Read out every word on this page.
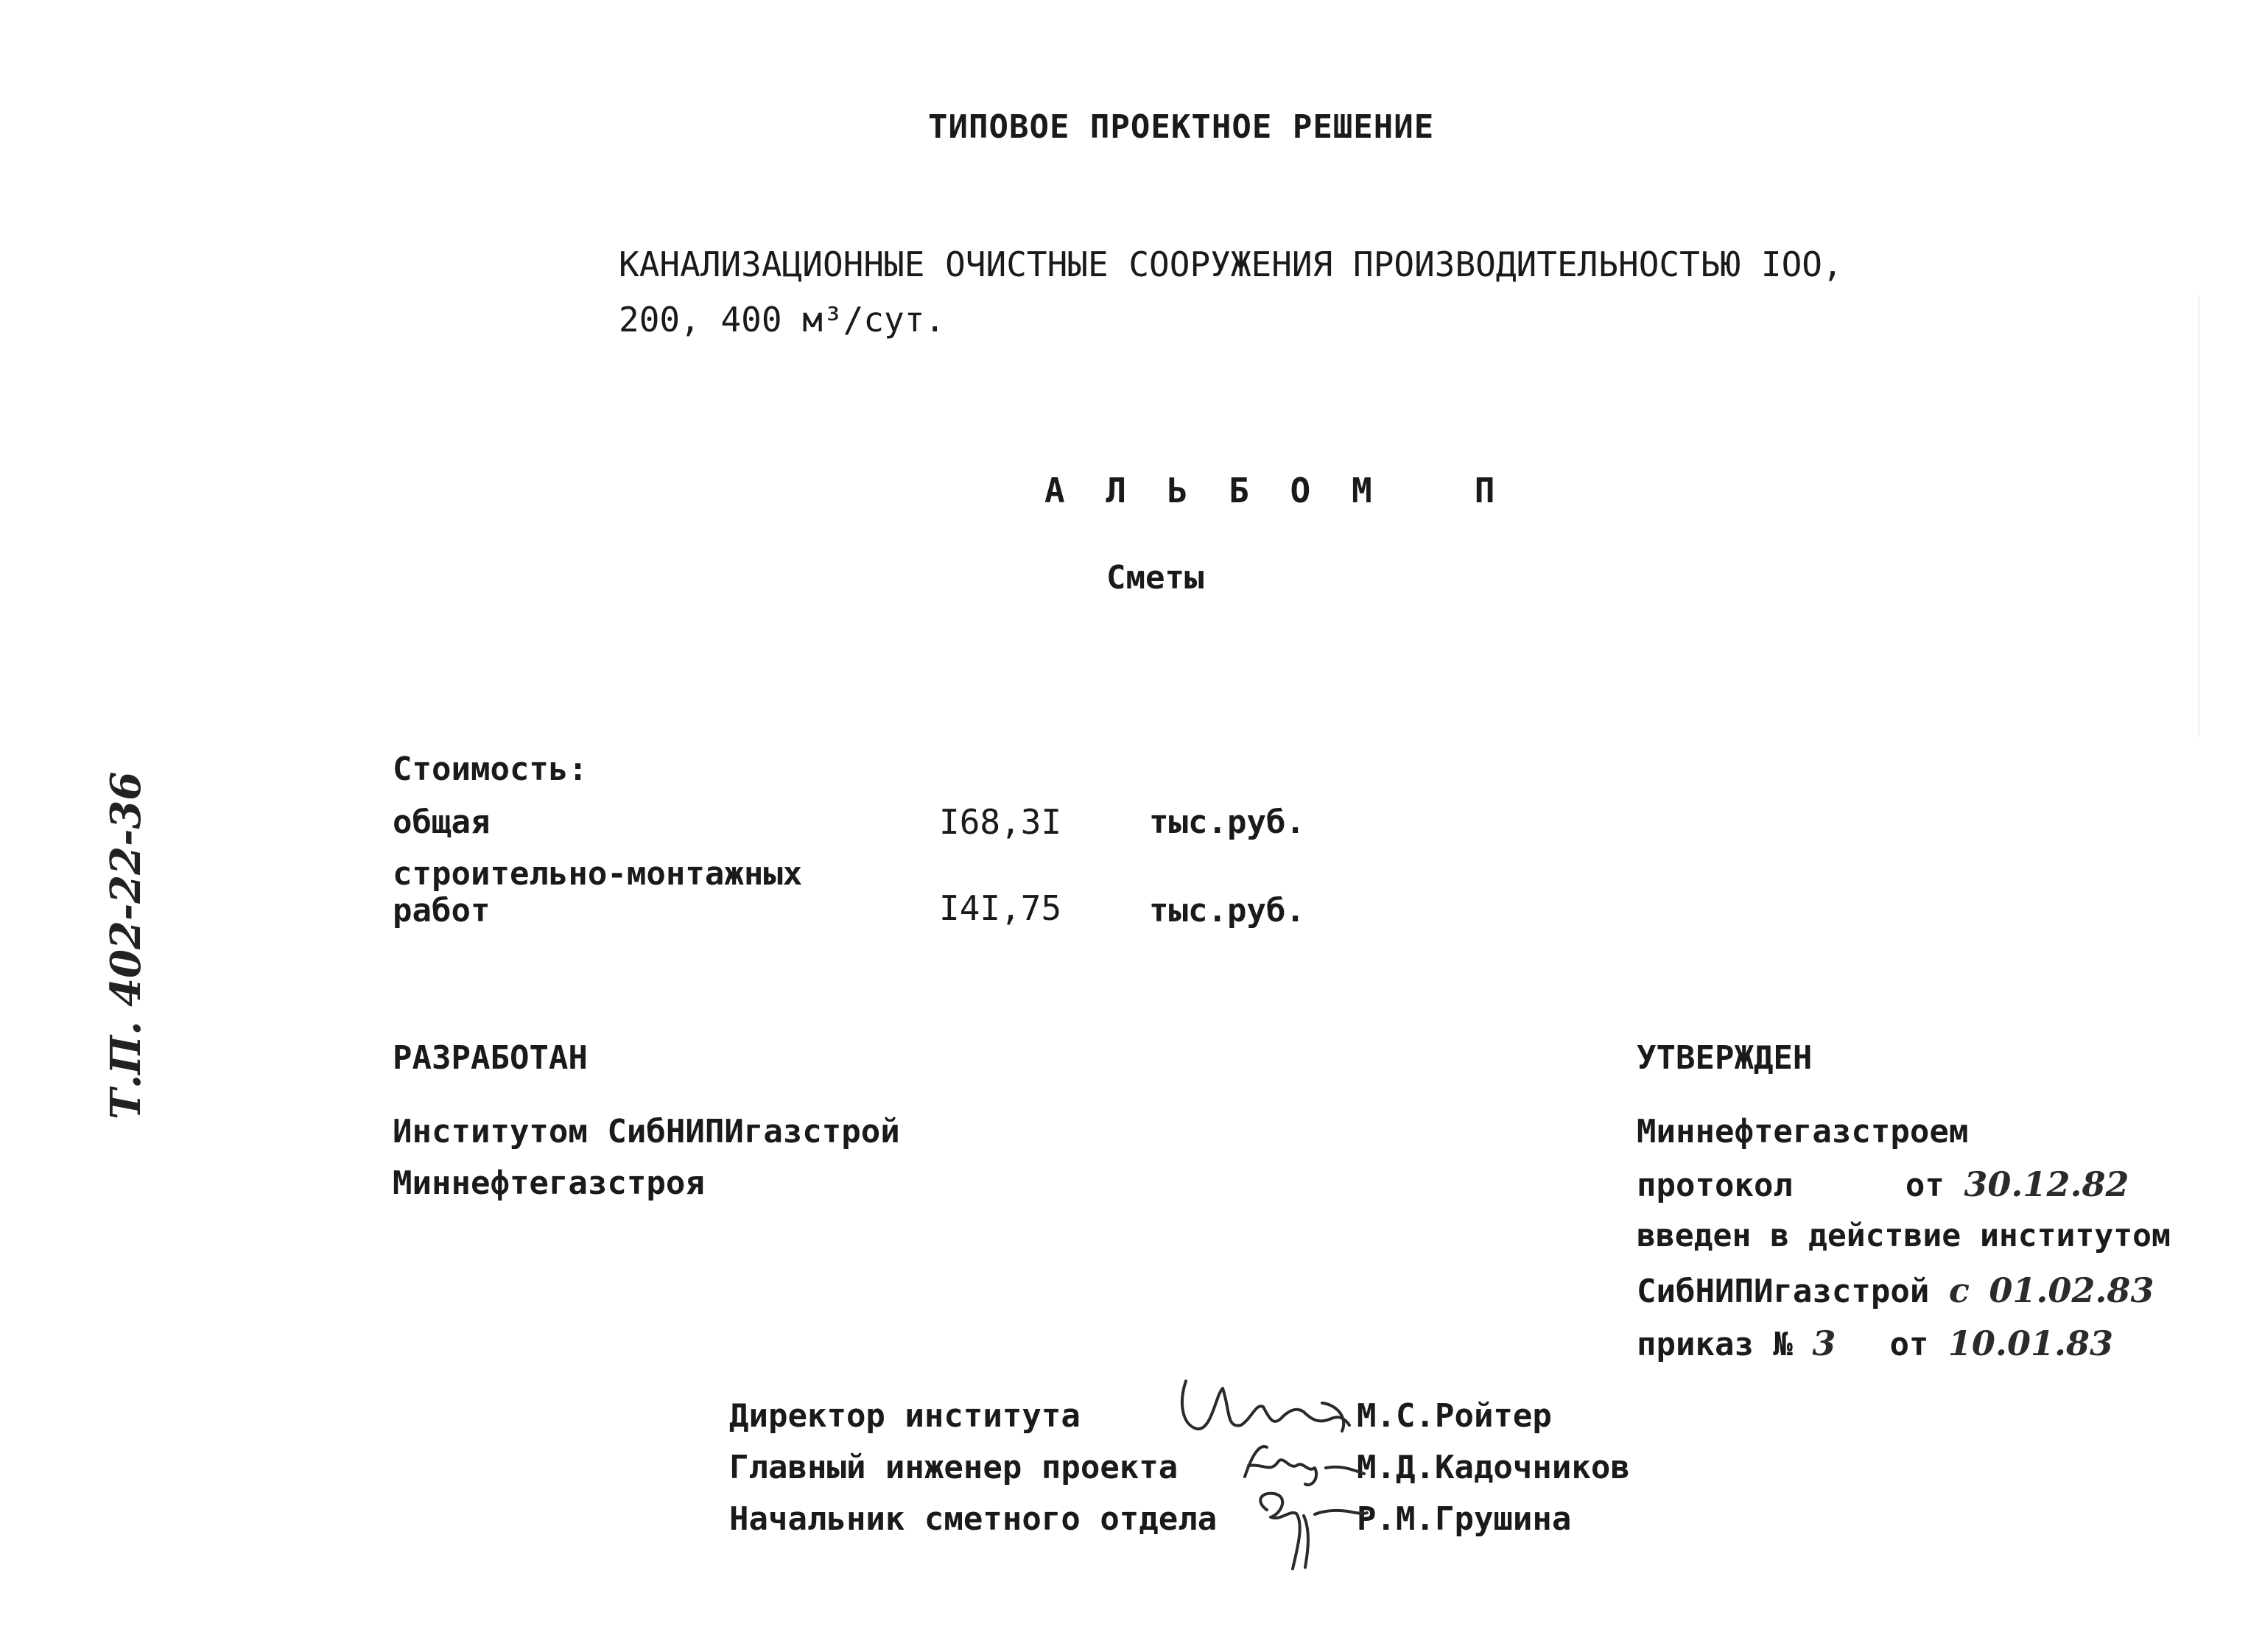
Т.П. 402-22-36
ТИПОВОЕ ПРОЕКТНОЕ РЕШЕНИЕ
КАНАЛИЗАЦИОННЫЕ ОЧИСТНЫЕ СООРУЖЕНИЯ ПРОИЗВОДИТЕЛЬНОСТЬЮ IOO,
200, 400 м³/сут.
А Л Ь Б О М   П
Сметы
Стоимость:
общая	I68,3I	тыс.руб.
строительно-монтажных
работ	I4I,75	тыс.руб.
РАЗРАБОТАН
Институтом СибНИПИгазстрой
Миннефтегазстроя
УТВЕРЖДЕН
Миннефтегазстроем
протокол	от 30.12.82
введен в действие институтом
СибНИПИгазстрой с 01.02.83
приказ № 3 от 10.01.83
Директор института	М.С.Ройтер
Главный инженер проекта	М.Д.Кадочников
Начальник сметного отдела	Р.М.Грушина
